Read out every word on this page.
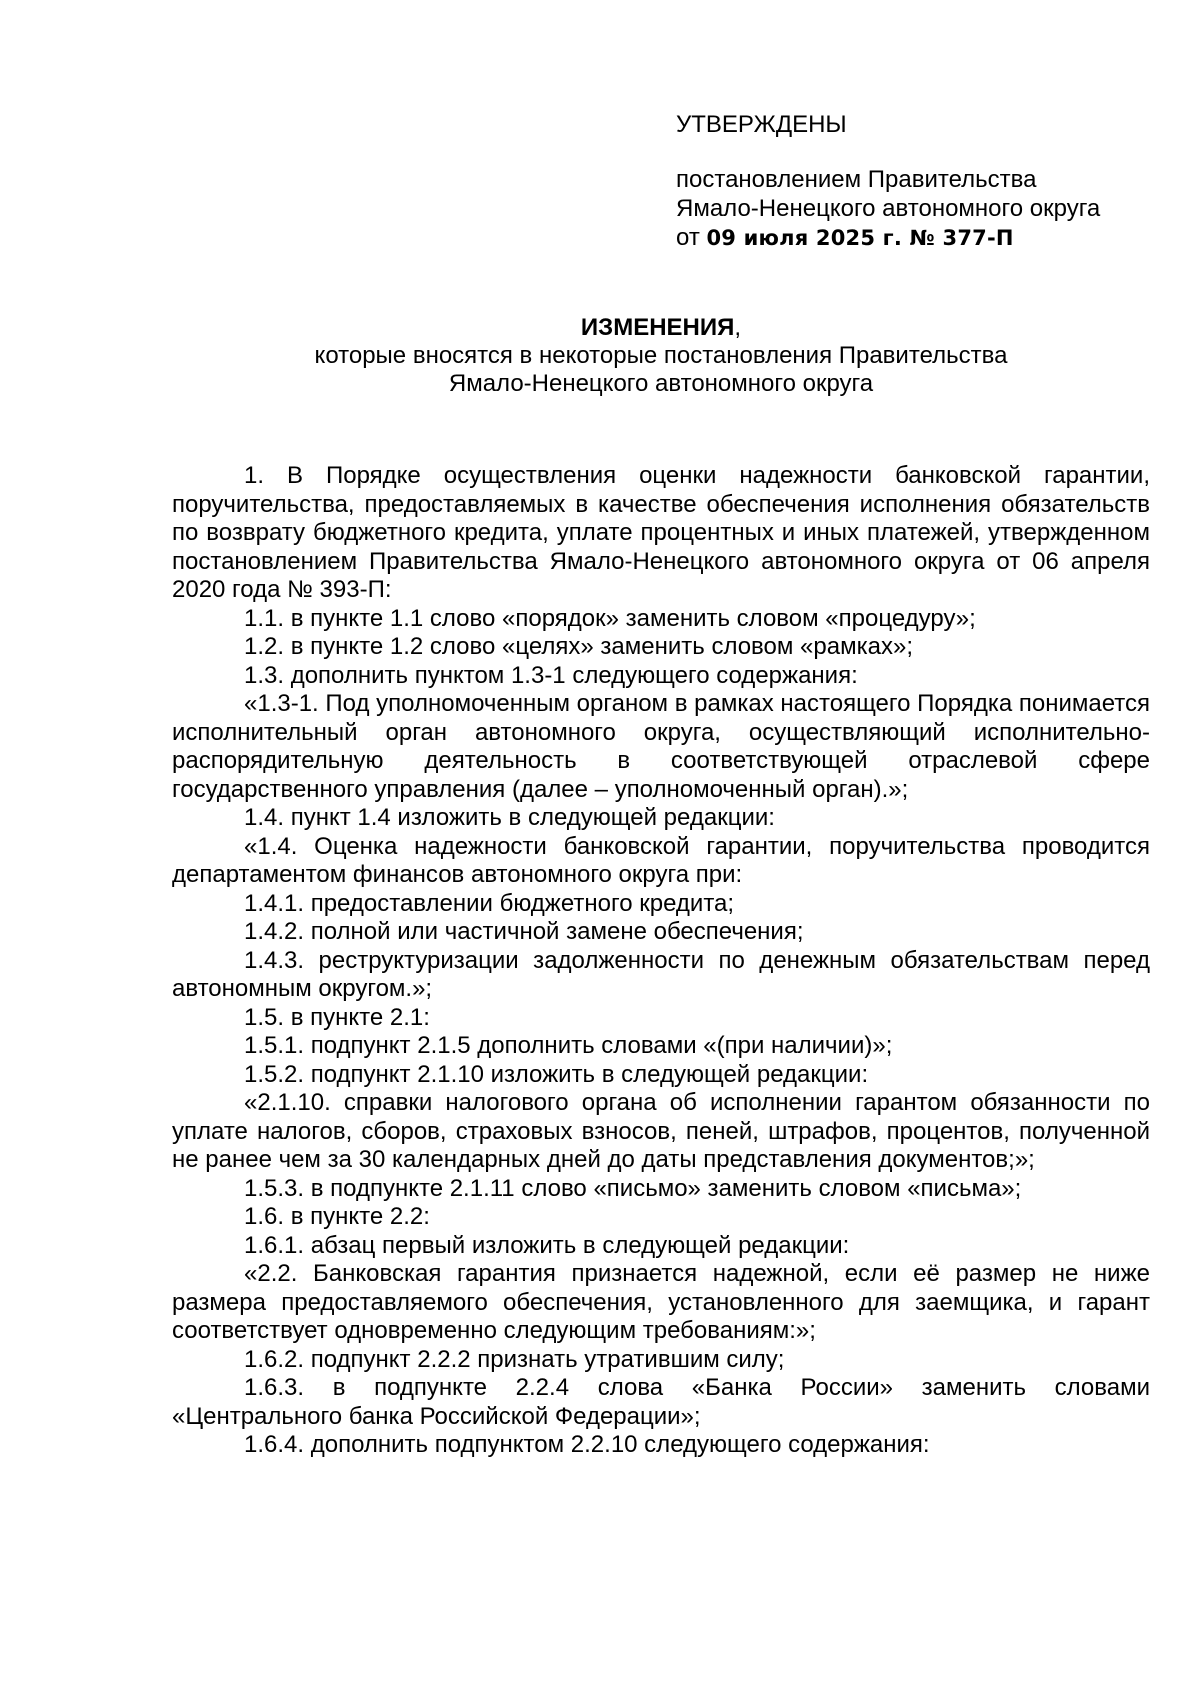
УТВЕРЖДЕНЫ
постановлением Правительства
Ямало-Ненецкого автономного округа
от 09 июля 2025 г. № 377-П
ИЗМЕНЕНИЯ,
которые вносятся в некоторые постановления Правительства
Ямало-Ненецкого автономного округа

1. В Порядке осуществления оценки надежности банковской гарантии, поручительства, предоставляемых в качестве обеспечения исполнения обязательств по возврату бюджетного кредита, уплате процентных и иных платежей, утвержденном постановлением Правительства Ямало-Ненецкого автономного округа от 06 апреля 2020 года № 393-П:

1.1. в пункте 1.1 слово «порядок» заменить словом «процедуру»;

1.2. в пункте 1.2 слово «целях» заменить словом «рамках»;

1.3. дополнить пунктом 1.3-1 следующего содержания:

«1.3-1. Под уполномоченным органом в рамках настоящего Порядка понимается исполнительный орган автономного округа, осуществляющий исполнительно-распорядительную деятельность в соответствующей отраслевой сфере государственного управления (далее – уполномоченный орган).»;

1.4. пункт 1.4 изложить в следующей редакции:

«1.4. Оценка надежности банковской гарантии, поручительства проводится департаментом финансов автономного округа при:

1.4.1. предоставлении бюджетного кредита;

1.4.2. полной или частичной замене обеспечения;

1.4.3. реструктуризации задолженности по денежным обязательствам перед автономным округом.»;

1.5. в пункте 2.1:

1.5.1. подпункт 2.1.5 дополнить словами «(при наличии)»;

1.5.2. подпункт 2.1.10 изложить в следующей редакции:

«2.1.10. справки налогового органа об исполнении гарантом обязанности по уплате налогов, сборов, страховых взносов, пеней, штрафов, процентов, полученной не ранее чем за 30 календарных дней до даты представления документов;»;

1.5.3. в подпункте 2.1.11 слово «письмо» заменить словом «письма»;

1.6. в пункте 2.2:

1.6.1. абзац первый изложить в следующей редакции:

«2.2. Банковская гарантия признается надежной, если её размер не ниже размера предоставляемого обеспечения, установленного для заемщика, и гарант соответствует одновременно следующим требованиям:»;

1.6.2. подпункт 2.2.2 признать утратившим силу;

1.6.3. в подпункте 2.2.4 слова «Банка России» заменить словами «Центрального банка Российской Федерации»;

1.6.4. дополнить подпунктом 2.2.10 следующего содержания:
